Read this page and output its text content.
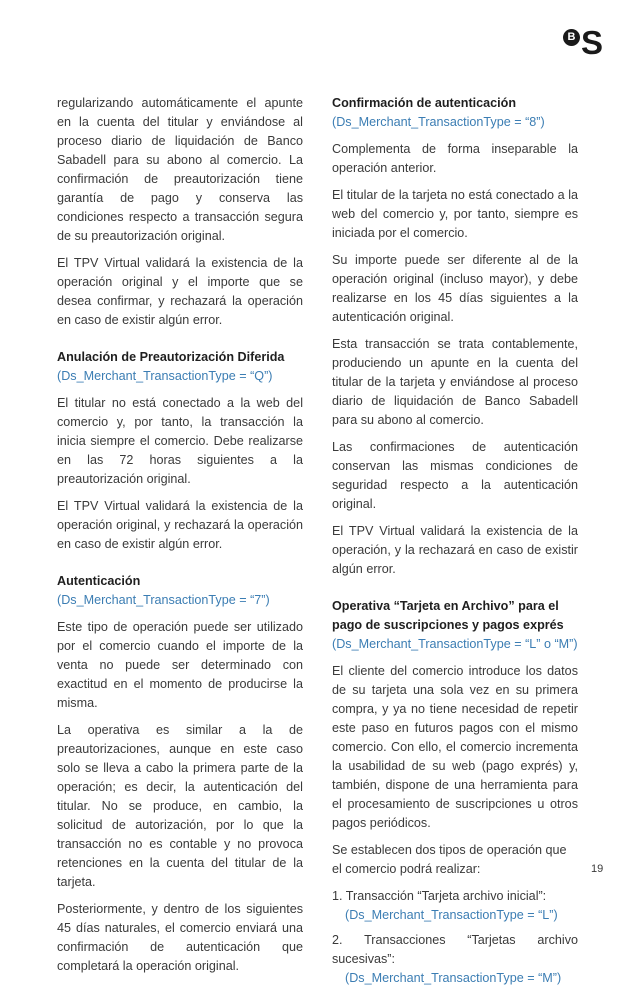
B S

regularizando automáticamente el apunte en la cuenta del titular y enviándose al proceso diario de liquidación de Banco Sabadell para su abono al comercio. La confirmación de preautorización tiene garantía de pago y conserva las condiciones respecto a transacción segura de su preautorización original.

El TPV Virtual validará la existencia de la operación original y el importe que se desea confirmar, y rechazará la operación en caso de existir algún error.

Anulación de Preautorización Diferida
(Ds_Merchant_TransactionType = “Q”)

El titular no está conectado a la web del comercio y, por tanto, la transacción la inicia siempre el comercio. Debe realizarse en las 72 horas siguientes a la preautorización original.

El TPV Virtual validará la existencia de la operación original, y rechazará la operación en caso de existir algún error.

Autenticación
(Ds_Merchant_TransactionType = “7”)

Este tipo de operación puede ser utilizado por el comercio cuando el importe de la venta no puede ser determinado con exactitud en el momento de producirse la misma.

La operativa es similar a la de preautorizaciones, aunque en este caso solo se lleva a cabo la primera parte de la operación; es decir, la autenticación del titular. No se produce, en cambio, la solicitud de autorización, por lo que la transacción no es contable y no provoca retenciones en la cuenta del titular de la tarjeta.

Posteriormente, y dentro de los siguientes 45 días naturales, el comercio enviará una confirmación de autenticación que completará la operación original.

Confirmación de autenticación
(Ds_Merchant_TransactionType = “8”)

Complementa de forma inseparable la operación anterior.

El titular de la tarjeta no está conectado a la web del comercio y, por tanto, siempre es iniciada por el comercio.

Su importe puede ser diferente al de la operación original (incluso mayor), y debe realizarse en los 45 días siguientes a la autenticación original.

Esta transacción se trata contablemente, produciendo un apunte en la cuenta del titular de la tarjeta y enviándose al proceso diario de liquidación de Banco Sabadell para su abono al comercio.

Las confirmaciones de autenticación conservan las mismas condiciones de seguridad respecto a la autenticación original.

El TPV Virtual validará la existencia de la operación, y la rechazará en caso de existir algún error.

Operativa “Tarjeta en Archivo” para el pago de suscripciones y pagos exprés
(Ds_Merchant_TransactionType = “L” o “M”)

El cliente del comercio introduce los datos de su tarjeta una sola vez en su primera compra, y ya no tiene necesidad de repetir este paso en futuros pagos con el mismo comercio. Con ello, el comercio incrementa la usabilidad de su web (pago exprés) y, también, dispone de una herramienta para el procesamiento de suscripciones u otros pagos periódicos.

Se establecen dos tipos de operación que el comercio podrá realizar:

1. Transacción “Tarjeta archivo inicial”:
(Ds_Merchant_TransactionType = “L”)
2. Transacciones “Tarjetas archivo sucesivas”:
(Ds_Merchant_TransactionType = “M”)
19
